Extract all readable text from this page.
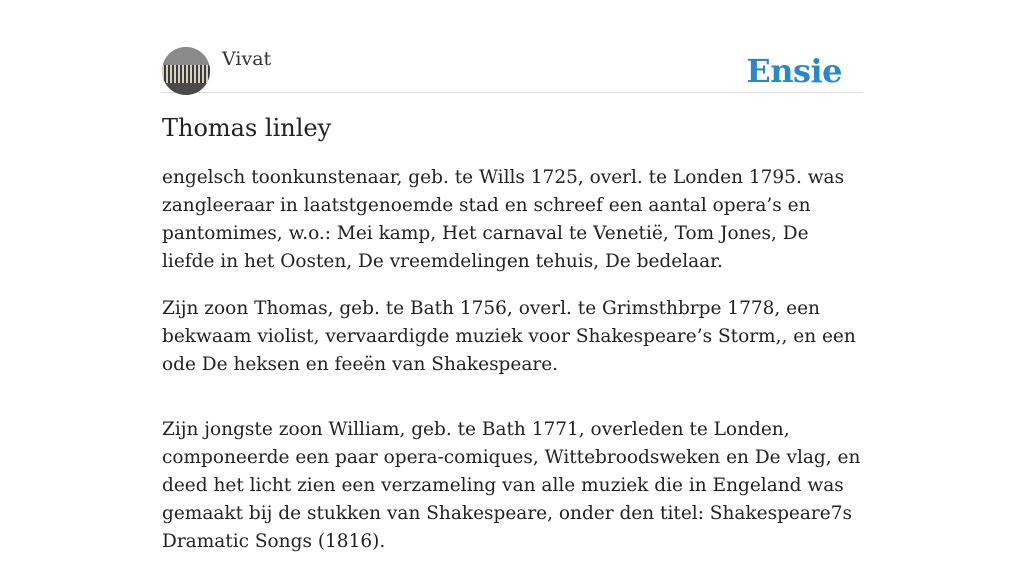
Vivat	Ensie
Thomas linley

engelsch toonkunstenaar, geb. te Wills 1725, overl. te Londen 1795. was zangleeraar in laatstgenoemde stad en schreef een aantal opera’s en pantomimes, w.o.: Mei kamp, Het carnaval te Venetië, Tom Jones, De liefde in het Oosten, De vreemdelingen tehuis, De bedelaar.

Zijn zoon Thomas, geb. te Bath 1756, overl. te Grimsthbrpe 1778, een bekwaam violist, vervaardigde muziek voor Shakespeare’s Storm,, en een ode De heksen en feeën van Shakespeare.

Zijn jongste zoon William, geb. te Bath 1771, overleden te Londen, componeerde een paar opera-comiques, Wittebroodsweken en De vlag, en deed het licht zien een verzameling van alle muziek die in Engeland was gemaakt bij de stukken van Shakespeare, onder den titel: Shakespeare7s Dramatic Songs (1816).
